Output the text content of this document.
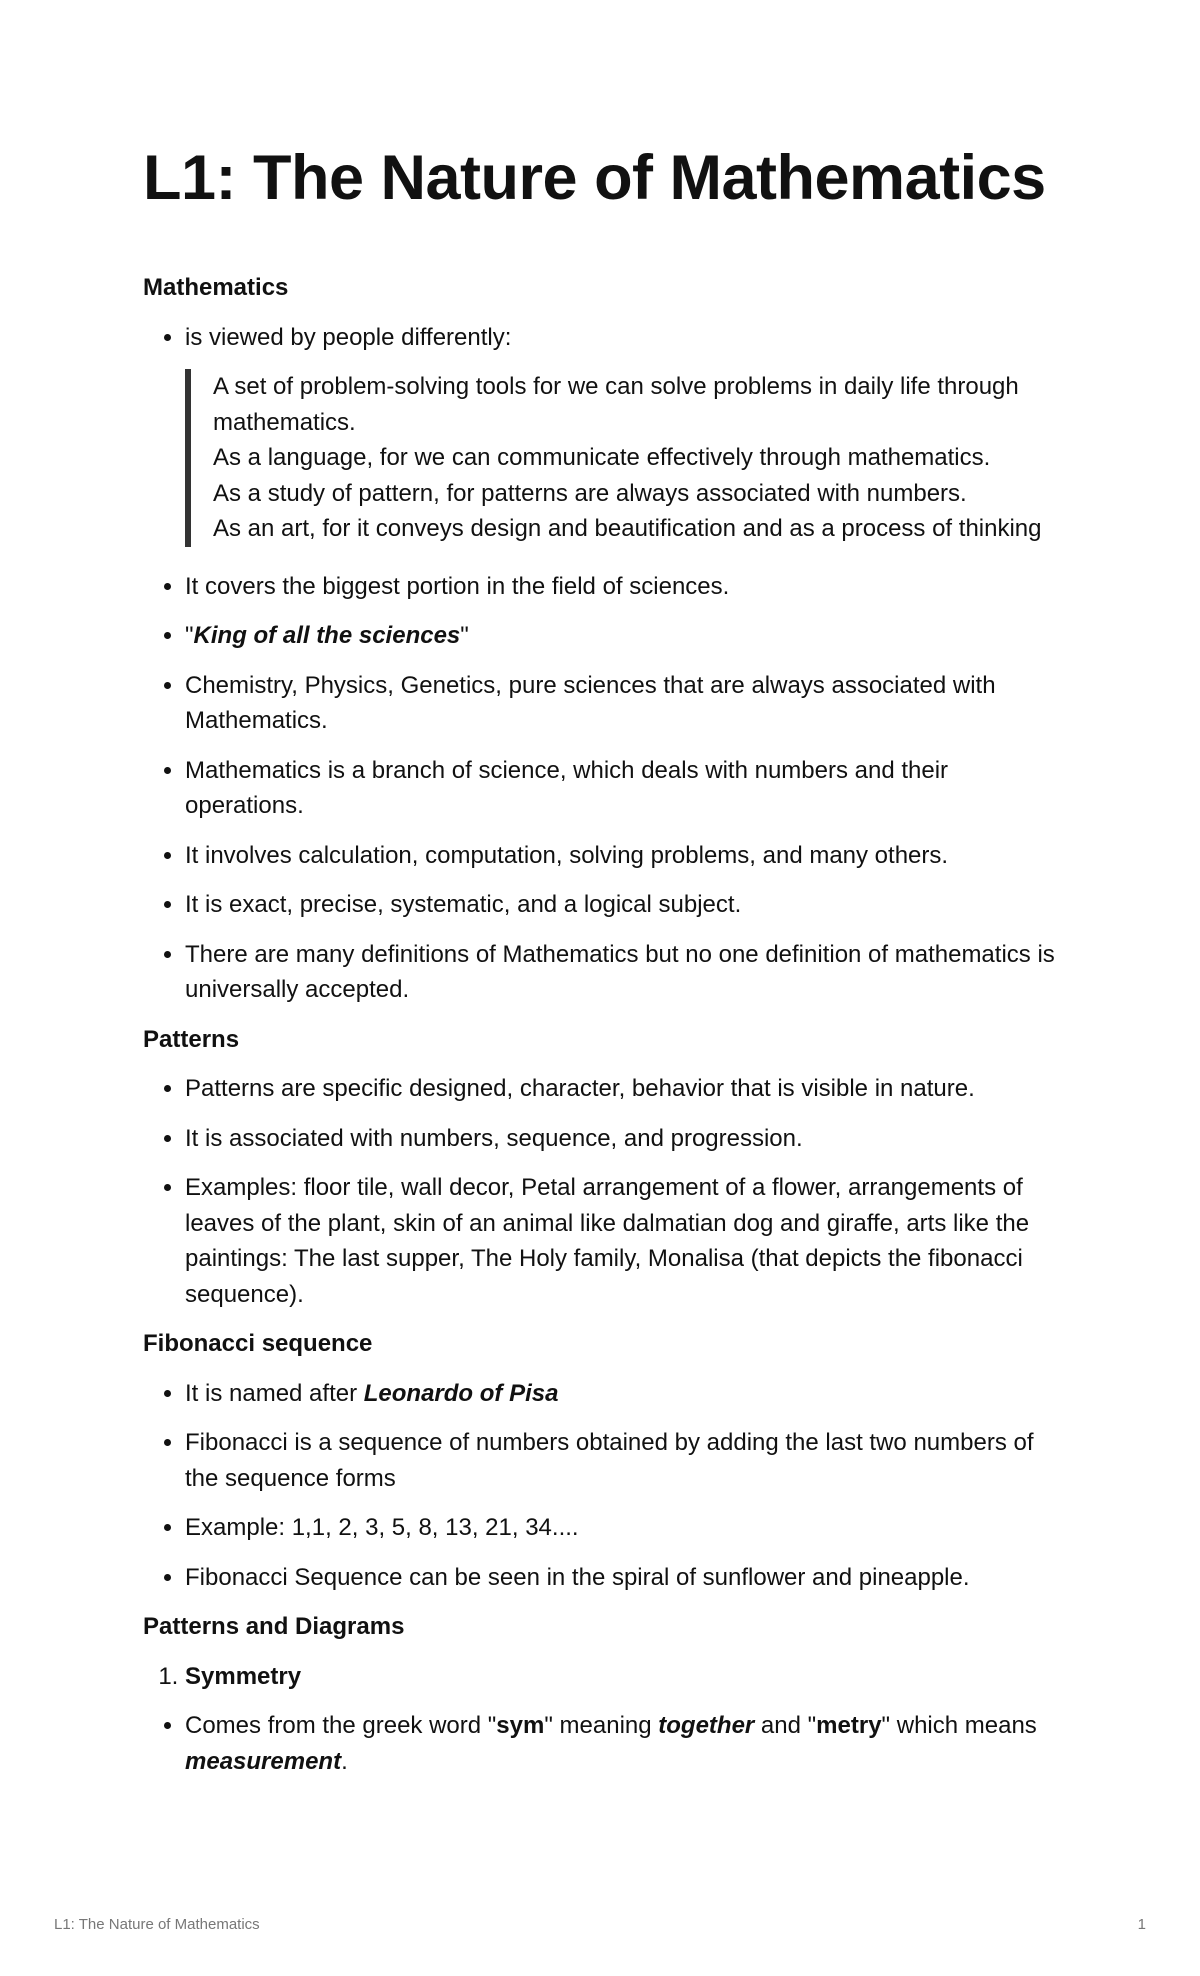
L1: The Nature of Mathematics

Mathematics

• is viewed by people differently:

A set of problem-solving tools for we can solve problems in daily life through mathematics.

As a language, for we can communicate effectively through mathematics.

As a study of pattern, for patterns are always associated with numbers.

As an art, for it conveys design and beautification and as a process of thinking

• It covers the biggest portion in the field of sciences.
• "King of all the sciences"
• Chemistry, Physics, Genetics, pure sciences that are always associated with Mathematics.
• Mathematics is a branch of science, which deals with numbers and their operations.
• It involves calculation, computation, solving problems, and many others.
• It is exact, precise, systematic, and a logical subject.
• There are many definitions of Mathematics but no one definition of mathematics is universally accepted.

Patterns

• Patterns are specific designed, character, behavior that is visible in nature.
• It is associated with numbers, sequence, and progression.
• Examples: floor tile, wall decor, Petal arrangement of a flower, arrangements of leaves of the plant, skin of an animal like dalmatian dog and giraffe, arts like the paintings: The last supper, The Holy family, Monalisa (that depicts the fibonacci sequence).

Fibonacci sequence

• It is named after Leonardo of Pisa
• Fibonacci is a sequence of numbers obtained by adding the last two numbers of the sequence forms
• Example: 1,1, 2, 3, 5, 8, 13, 21, 34....
• Fibonacci Sequence can be seen in the spiral of sunflower and pineapple.

Patterns and Diagrams

1. Symmetry
• Comes from the greek word "sym" meaning together and "metry" which means measurement.
L1: The Nature of Mathematics	1
